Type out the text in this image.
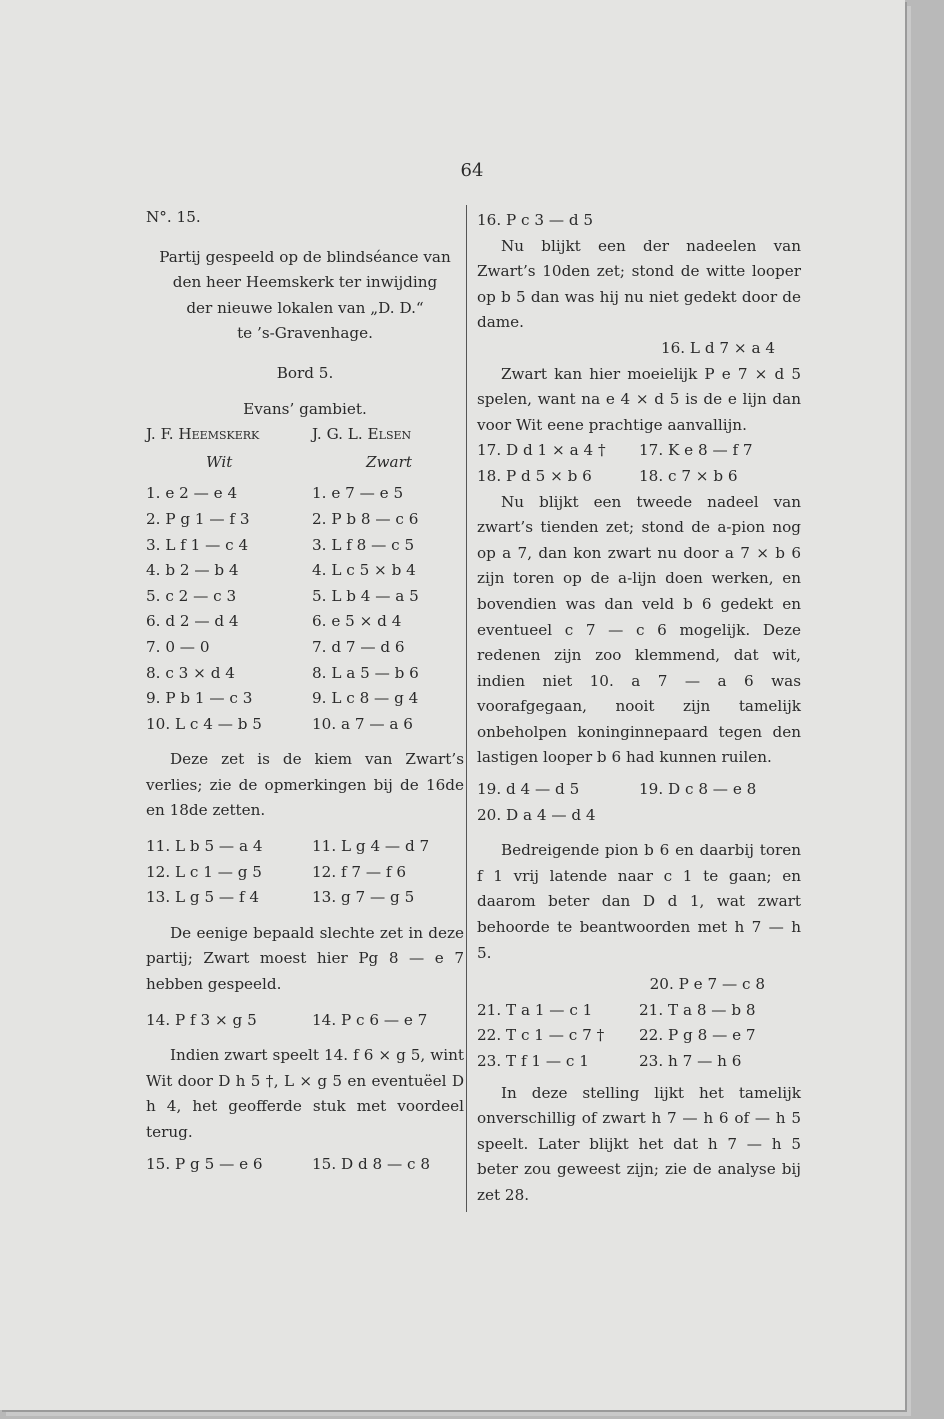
64

N°. 15.

Partij gespeeld op de blindséance van

den heer Heemskerk ter inwijding

der nieuwe lokalen van „D. D.“

te ’s-Gravenhage.

Bord 5.

Evans’ gambiet.

J. F. Heemskerk	J. G. L. Elsen
Wit	Zwart
1. e 2 — e 4	1. e 7 — e 5
2. P g 1 — f 3	2. P b 8 — c 6
3. L f 1 — c 4	3. L f 8 — c 5
4. b 2 — b 4	4. L c 5 × b 4
5. c 2 — c 3	5. L b 4 — a 5
6. d 2 — d 4	6. e 5 × d 4
7. 0 — 0	7. d 7 — d 6
8. c 3 × d 4	8. L a 5 — b 6
9. P b 1 — c 3	9. L c 8 — g 4
10. L c 4 — b 5	10. a 7 — a 6

Deze zet is de kiem van Zwart’s verlies; zie de opmerkingen bij de 16de en 18de zetten.

11. L b 5 — a 4	11. L g 4 — d 7
12. L c 1 — g 5	12. f 7 — f 6
13. L g 5 — f 4	13. g 7 — g 5

De eenige bepaald slechte zet in deze partij; Zwart moest hier Pg 8 — e 7 hebben gespeeld.

14. P f 3 × g 5	14. P c 6 — e 7

Indien zwart speelt 14. f 6 × g 5, wint Wit door D h 5 †, L × g 5 en eventuëel D h 4, het geofferde stuk met voordeel terug.

15. P g 5 — e 6	15. D d 8 — c 8

16. P c 3 — d 5

Nu blijkt een der nadeelen van Zwart’s 10den zet; stond de witte looper op b 5 dan was hij nu niet gedekt door de dame.

16. L d 7 × a 4

Zwart kan hier moeielijk P e 7 × d 5 spelen, want na e 4 × d 5 is de e lijn dan voor Wit eene prachtige aanvallijn.

17. D d 1 × a 4 †	17. K e 8 — f 7
18. P d 5 × b 6	18. c 7 × b 6

Nu blijkt een tweede nadeel van zwart’s tienden zet; stond de a-pion nog op a 7, dan kon zwart nu door a 7 × b 6 zijn toren op de a-lijn doen werken, en bovendien was dan veld b 6 gedekt en eventueel c 7 — c 6 mogelijk. Deze redenen zijn zoo klemmend, dat wit, indien niet 10. a 7 — a 6 was voorafgegaan, nooit zijn tamelijk onbeholpen koninginnepaard tegen den lastigen looper b 6 had kunnen ruilen.

19. d 4 — d 5	19. D c 8 — e 8
20. D a 4 — d 4

Bedreigende pion b 6 en daarbij toren f 1 vrij latende naar c 1 te gaan; en daarom beter dan D d 1, wat zwart behoorde te beantwoorden met h 7 — h 5.

20. P e 7 — c 8

21. T a 1 — c 1	21. T a 8 — b 8
22. T c 1 — c 7 †	22. P g 8 — e 7
23. T f 1 — c 1	23. h 7 — h 6

In deze stelling lijkt het tamelijk onverschillig of zwart h 7 — h 6 of — h 5 speelt. Later blijkt het dat h 7 — h 5 beter zou geweest zijn; zie de analyse bij zet 28.
